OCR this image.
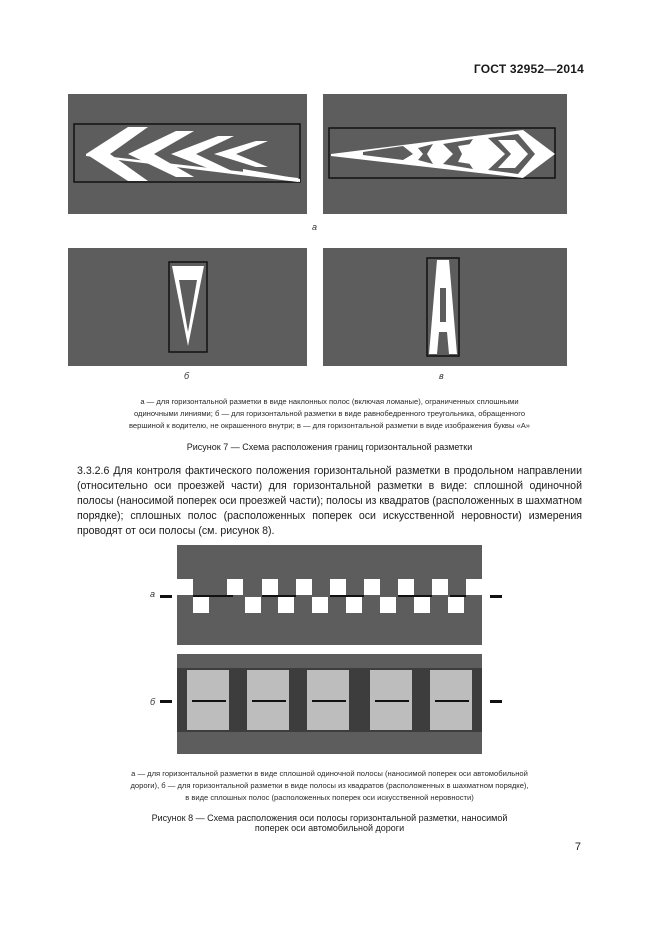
ГОСТ 32952—2014
а
б	в
а — для горизонтальной разметки в виде наклонных полос (включая ломаные), ограниченных сплошными
одиночными линиями; б — для горизонтальной разметки в виде равнобедренного треугольника, обращенного
вершиной к водителю, не окрашенного внутри; в — для горизонтальной разметки в виде изображения буквы «А»
Рисунок 7 — Схема расположения границ горизонтальной разметки
3.3.2.6 Для контроля фактического положения горизонтальной разметки в продольном направлении (относительно оси проезжей части) для горизонтальной разметки в виде: сплошной одиночной полосы (наносимой поперек оси проезжей части); полосы из квадратов (расположенных в шахматном порядке); сплошных полос (расположенных поперек оси искусственной неровности) измерения проводят от оси полосы (см. рисунок 8).
а
б
а — для горизонтальной разметки в виде сплошной одиночной полосы (наносимой поперек оси автомобильной
дороги), б — для горизонтальной разметки в виде полосы из квадратов (расположенных в шахматном порядке),
в виде сплошных полос (расположенных поперек оси искусственной неровности)
Рисунок 8 — Схема расположения оси полосы горизонтальной разметки, наносимой
поперек оси автомобильной дороги
7
